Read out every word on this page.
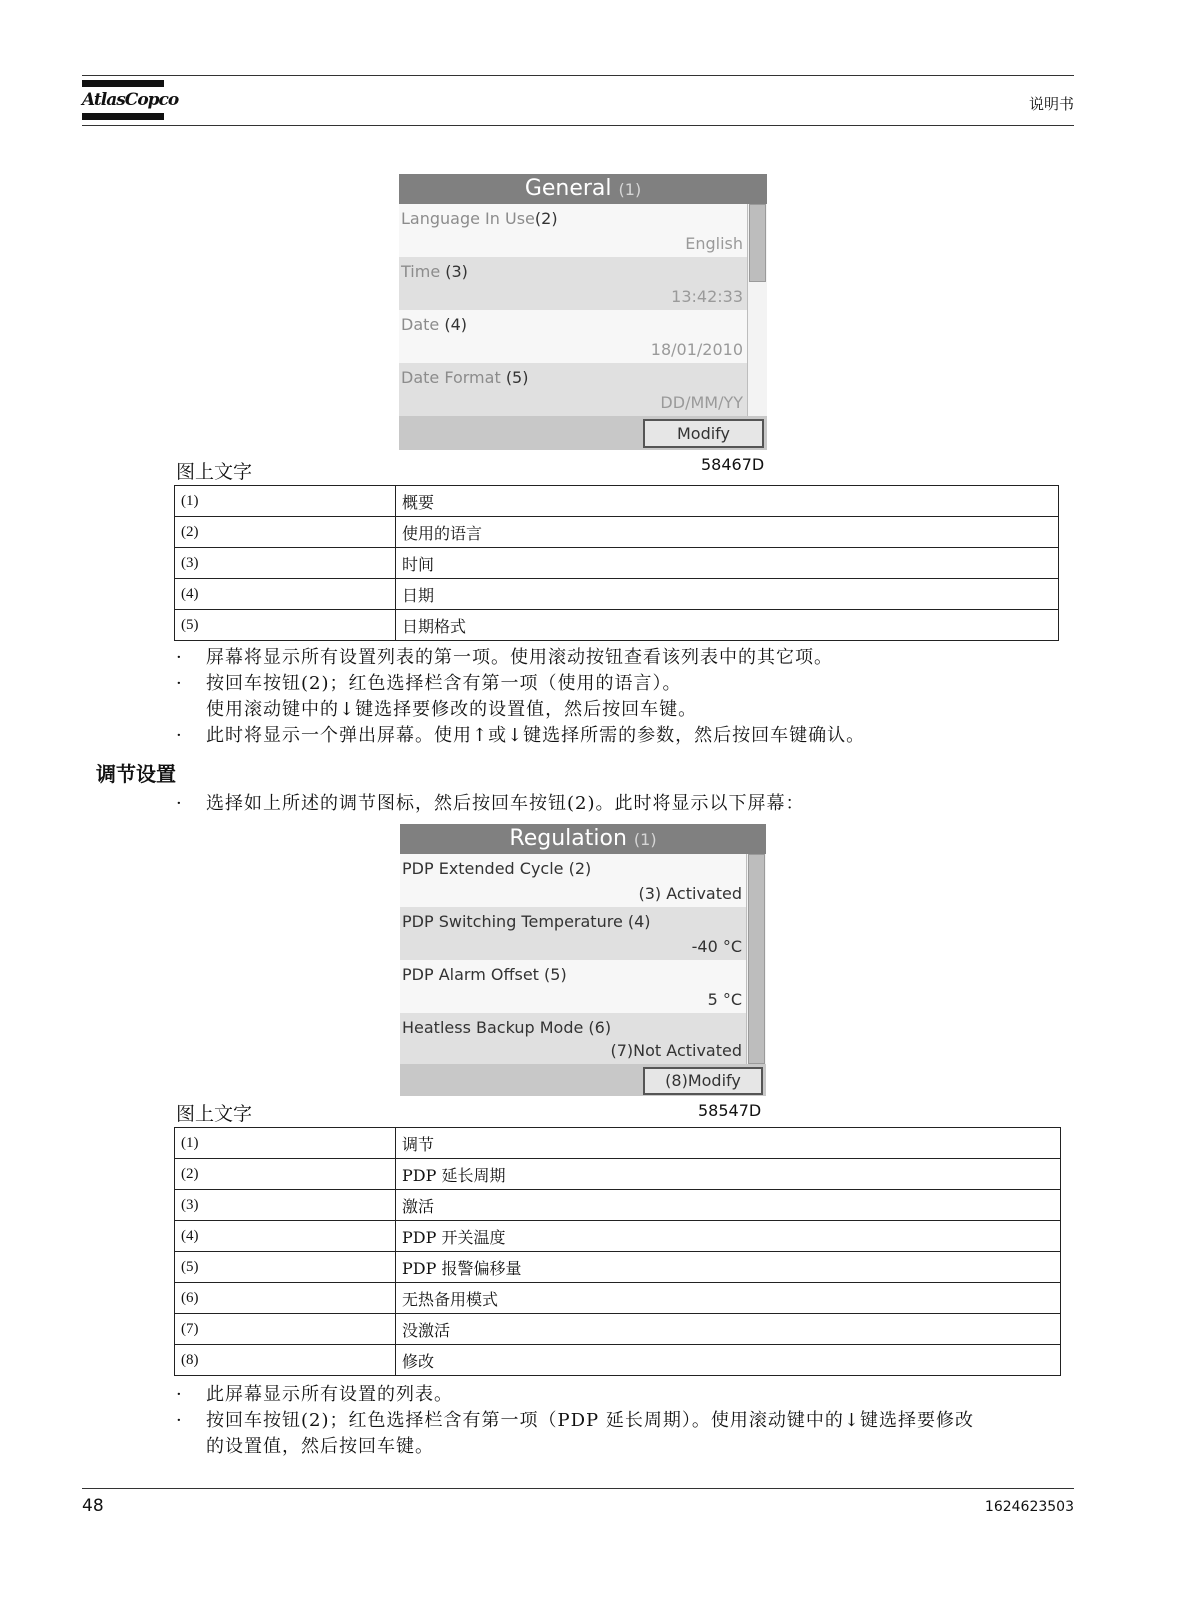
AtlasCopco	说明书
General (1)
Language In Use(2)
English
Time (3)
13:42:33
Date (4)
18/01/2010
Date Format (5)
DD/MM/YY
Modify
58467D
图上文字
(1)	概要
(2)	使用的语言
(3)	时间
(4)	日期
(5)	日期格式
· 屏幕将显示所有设置列表的第一项。使用滚动按钮查看该列表中的其它项。
· 按回车按钮(2)；红色选择栏含有第一项（使用的语言）。
使用滚动键中的↓键选择要修改的设置值，然后按回车键。
· 此时将显示一个弹出屏幕。使用↑或↓键选择所需的参数，然后按回车键确认。
调节设置
· 选择如上所述的调节图标，然后按回车按钮(2)。此时将显示以下屏幕：
Regulation (1)
PDP Extended Cycle (2)
(3) Activated
PDP Switching Temperature (4)
-40 °C
PDP Alarm Offset (5)
5 °C
Heatless Backup Mode (6)
(7)Not Activated
(8)Modify
58547D
图上文字
(1)	调节
(2)	PDP 延长周期
(3)	激活
(4)	PDP 开关温度
(5)	PDP 报警偏移量
(6)	无热备用模式
(7)	没激活
(8)	修改
· 此屏幕显示所有设置的列表。
· 按回车按钮(2)；红色选择栏含有第一项（PDP 延长周期）。使用滚动键中的↓键选择要修改
的设置值，然后按回车键。
48	1624623503
